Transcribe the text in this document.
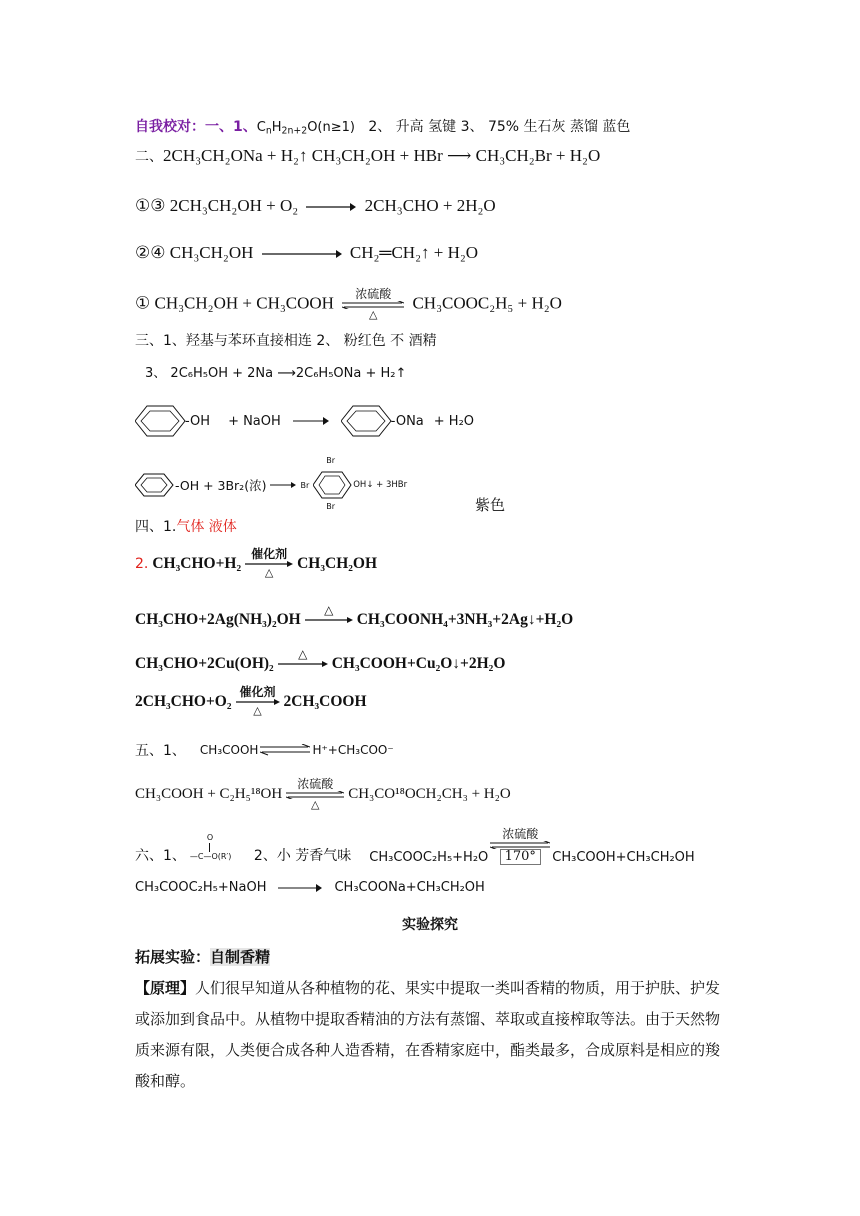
自我校对：一、1、$C_nH_{2n+2}O(n\ge 1)$ 2、 升高 氢键 3、 75% 生石灰 蒸馏 蓝色
二、2CH₃CH₂ONa + H₂↑ CH₃CH₂OH + HBr ⟶ CH₃CH₂Br + H₂O
①③ 2CH₃CH₂OH + O₂	2CH₃CHO + 2H₂O
②④ CH₃CH₂OH	CH₂═CH₂↑ + H₂O
① CH₃CH₂OH + CH₃COOH 浓硫酸
△
CH₃COOC₂H₅ + H₂O
三、1、羟基与苯环直接相连 2、 粉红色 不 酒精
3、 2C₆H₅OH + 2Na ⟶2C₆H₅ONa + H₂↑
-OH + NaOH	-ONa + H₂O
-OH + 3Br₂(浓)	Br
Br
Br
OH↓ + 3HBr
紫色
四、1.气体 液体
2. CH₃CHO+H₂
催化剂
△
CH₃CH₂OH
CH₃CHO+2Ag(NH₃)₂OH
△

CH₃COONH₄+3NH₃+2Ag↓+H₂O
CH₃CHO+2Cu(OH)₂
△

CH₃COOH+Cu₂O↓+2H₂O
2CH₃CHO+O₂
催化剂
△
2CH₃COOH
五、1、 CH₃COOH ⇌ H⁺+CH₃COO⁻
CH₃COOH + C₂H₅¹⁸OH
浓硫酸
△
CH₃CO¹⁸OCH₂CH₃ + H₂O
六、1、
O
—C—O(R′) 2、小 芳香气味 CH₃COOC₂H₅+H₂O
浓硫酸
170°	CH₃COOH+CH₃CH₂OH
CH₃COOC₂H₅+NaOH	CH₃COONa+CH₃CH₂OH
实验探究
拓展实验：自制香精
【原理】人们很早知道从各种植物的花、果实中提取一类叫香精的物质，用于护肤、护发或添加到食品中。从植物中提取香精油的方法有蒸馏、萃取或直接榨取等法。由于天然物质来源有限，人类便合成各种人造香精，在香精家庭中，酯类最多，合成原料是相应的羧酸和醇。
